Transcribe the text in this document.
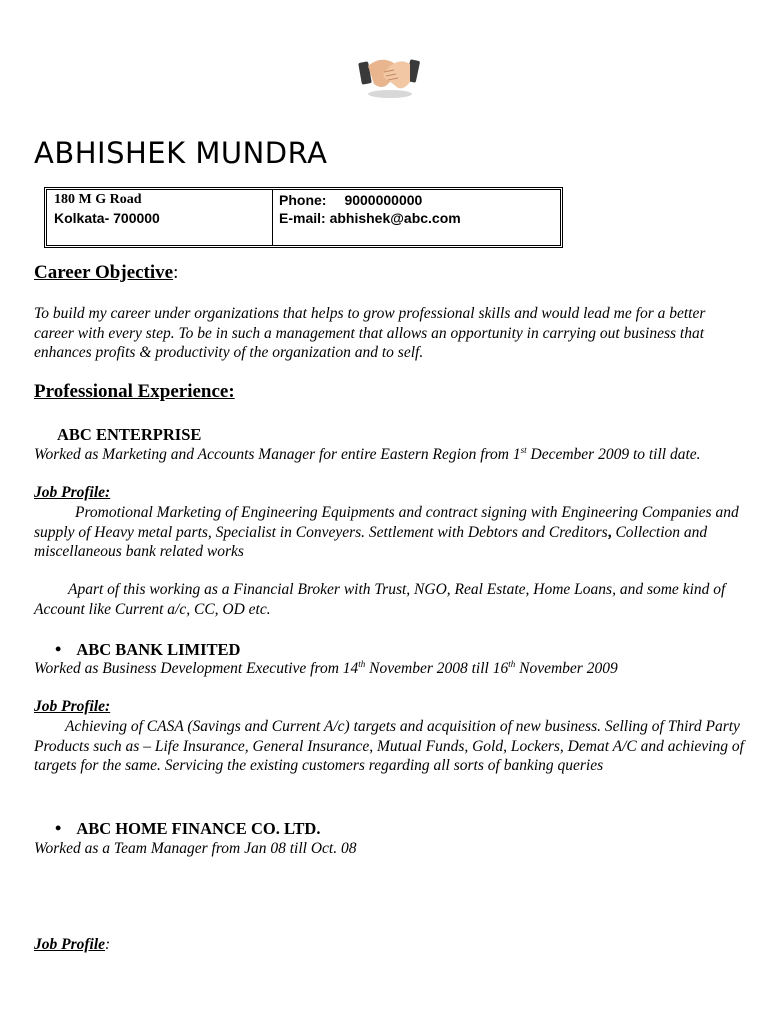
ABHISHEK MUNDRA
180 M G Road
Kolkata- 700000
Phone: 9000000000
E-mail: abhishek@abc.com
Career Objective:
To build my career under organizations that helps to grow professional skills and would lead me for a better career with every step. To be in such a management that allows an opportunity in carrying out business that enhances profits & productivity of the organization and to self.
Professional Experience:
ABC ENTERPRISE
Worked as Marketing and Accounts Manager for entire Eastern Region from 1st December 2009 to till date.
Job Profile:
Promotional Marketing of Engineering Equipments and contract signing with Engineering Companies and supply of Heavy metal parts, Specialist in Conveyers. Settlement with Debtors and Creditors, Collection and miscellaneous bank related works
Apart of this working as a Financial Broker with Trust, NGO, Real Estate, Home Loans, and some kind of Account like Current a/c, CC, OD etc.
• ABC BANK LIMITED
Worked as Business Development Executive from 14th November 2008 till 16th November 2009
Job Profile:
Achieving of CASA (Savings and Current A/c) targets and acquisition of new business. Selling of Third Party Products such as – Life Insurance, General Insurance, Mutual Funds, Gold, Lockers, Demat A/C and achieving of targets for the same. Servicing the existing customers regarding all sorts of banking queries
• ABC HOME FINANCE CO. LTD.
Worked as a Team Manager from Jan 08 till Oct. 08
Job Profile:
